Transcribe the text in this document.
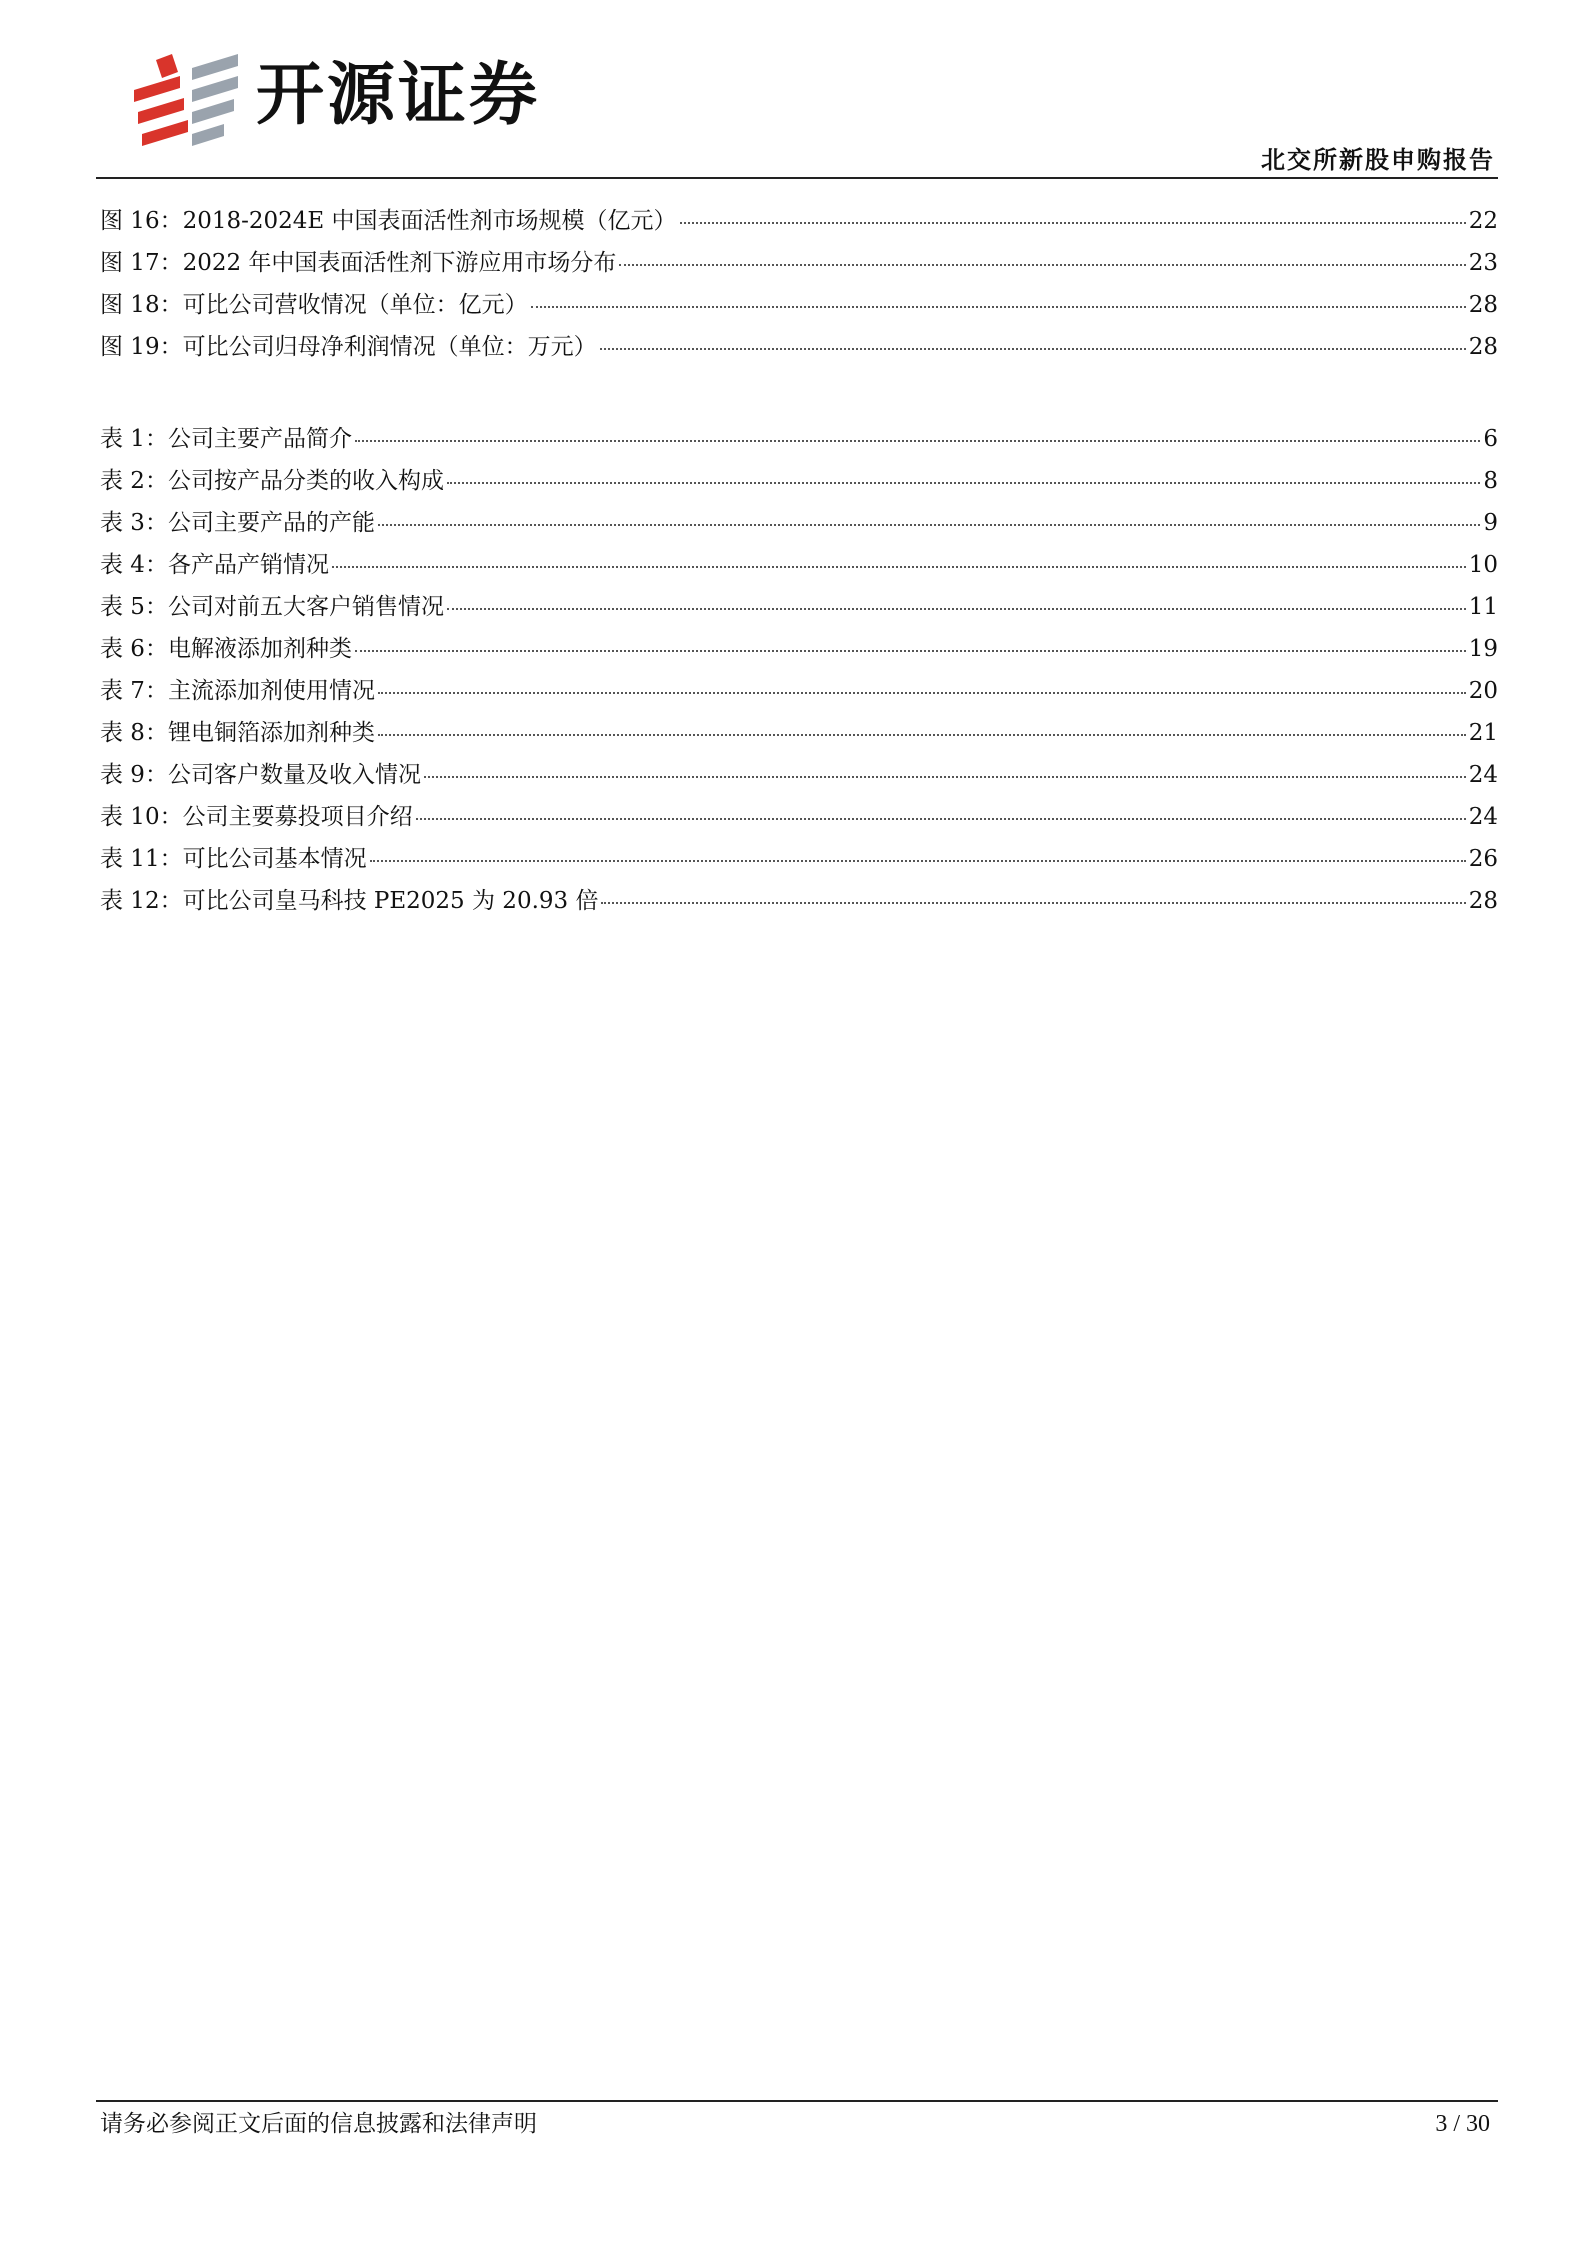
开源证券
北交所新股申购报告
图 16： 2018-2024E 中国表面活性剂市场规模（亿元）	22
图 17： 2022 年中国表面活性剂下游应用市场分布	23
图 18： 可比公司营收情况（单位：亿元）	28
图 19： 可比公司归母净利润情况（单位：万元）	28
表 1： 公司主要产品简介	6
表 2： 公司按产品分类的收入构成	8
表 3： 公司主要产品的产能	9
表 4： 各产品产销情况	10
表 5： 公司对前五大客户销售情况	11
表 6： 电解液添加剂种类	19
表 7： 主流添加剂使用情况	20
表 8： 锂电铜箔添加剂种类	21
表 9： 公司客户数量及收入情况	24
表 10： 公司主要募投项目介绍	24
表 11： 可比公司基本情况	26
表 12： 可比公司皇马科技 PE2025 为 20.93 倍	28
请务必参阅正文后面的信息披露和法律声明	3 / 30
